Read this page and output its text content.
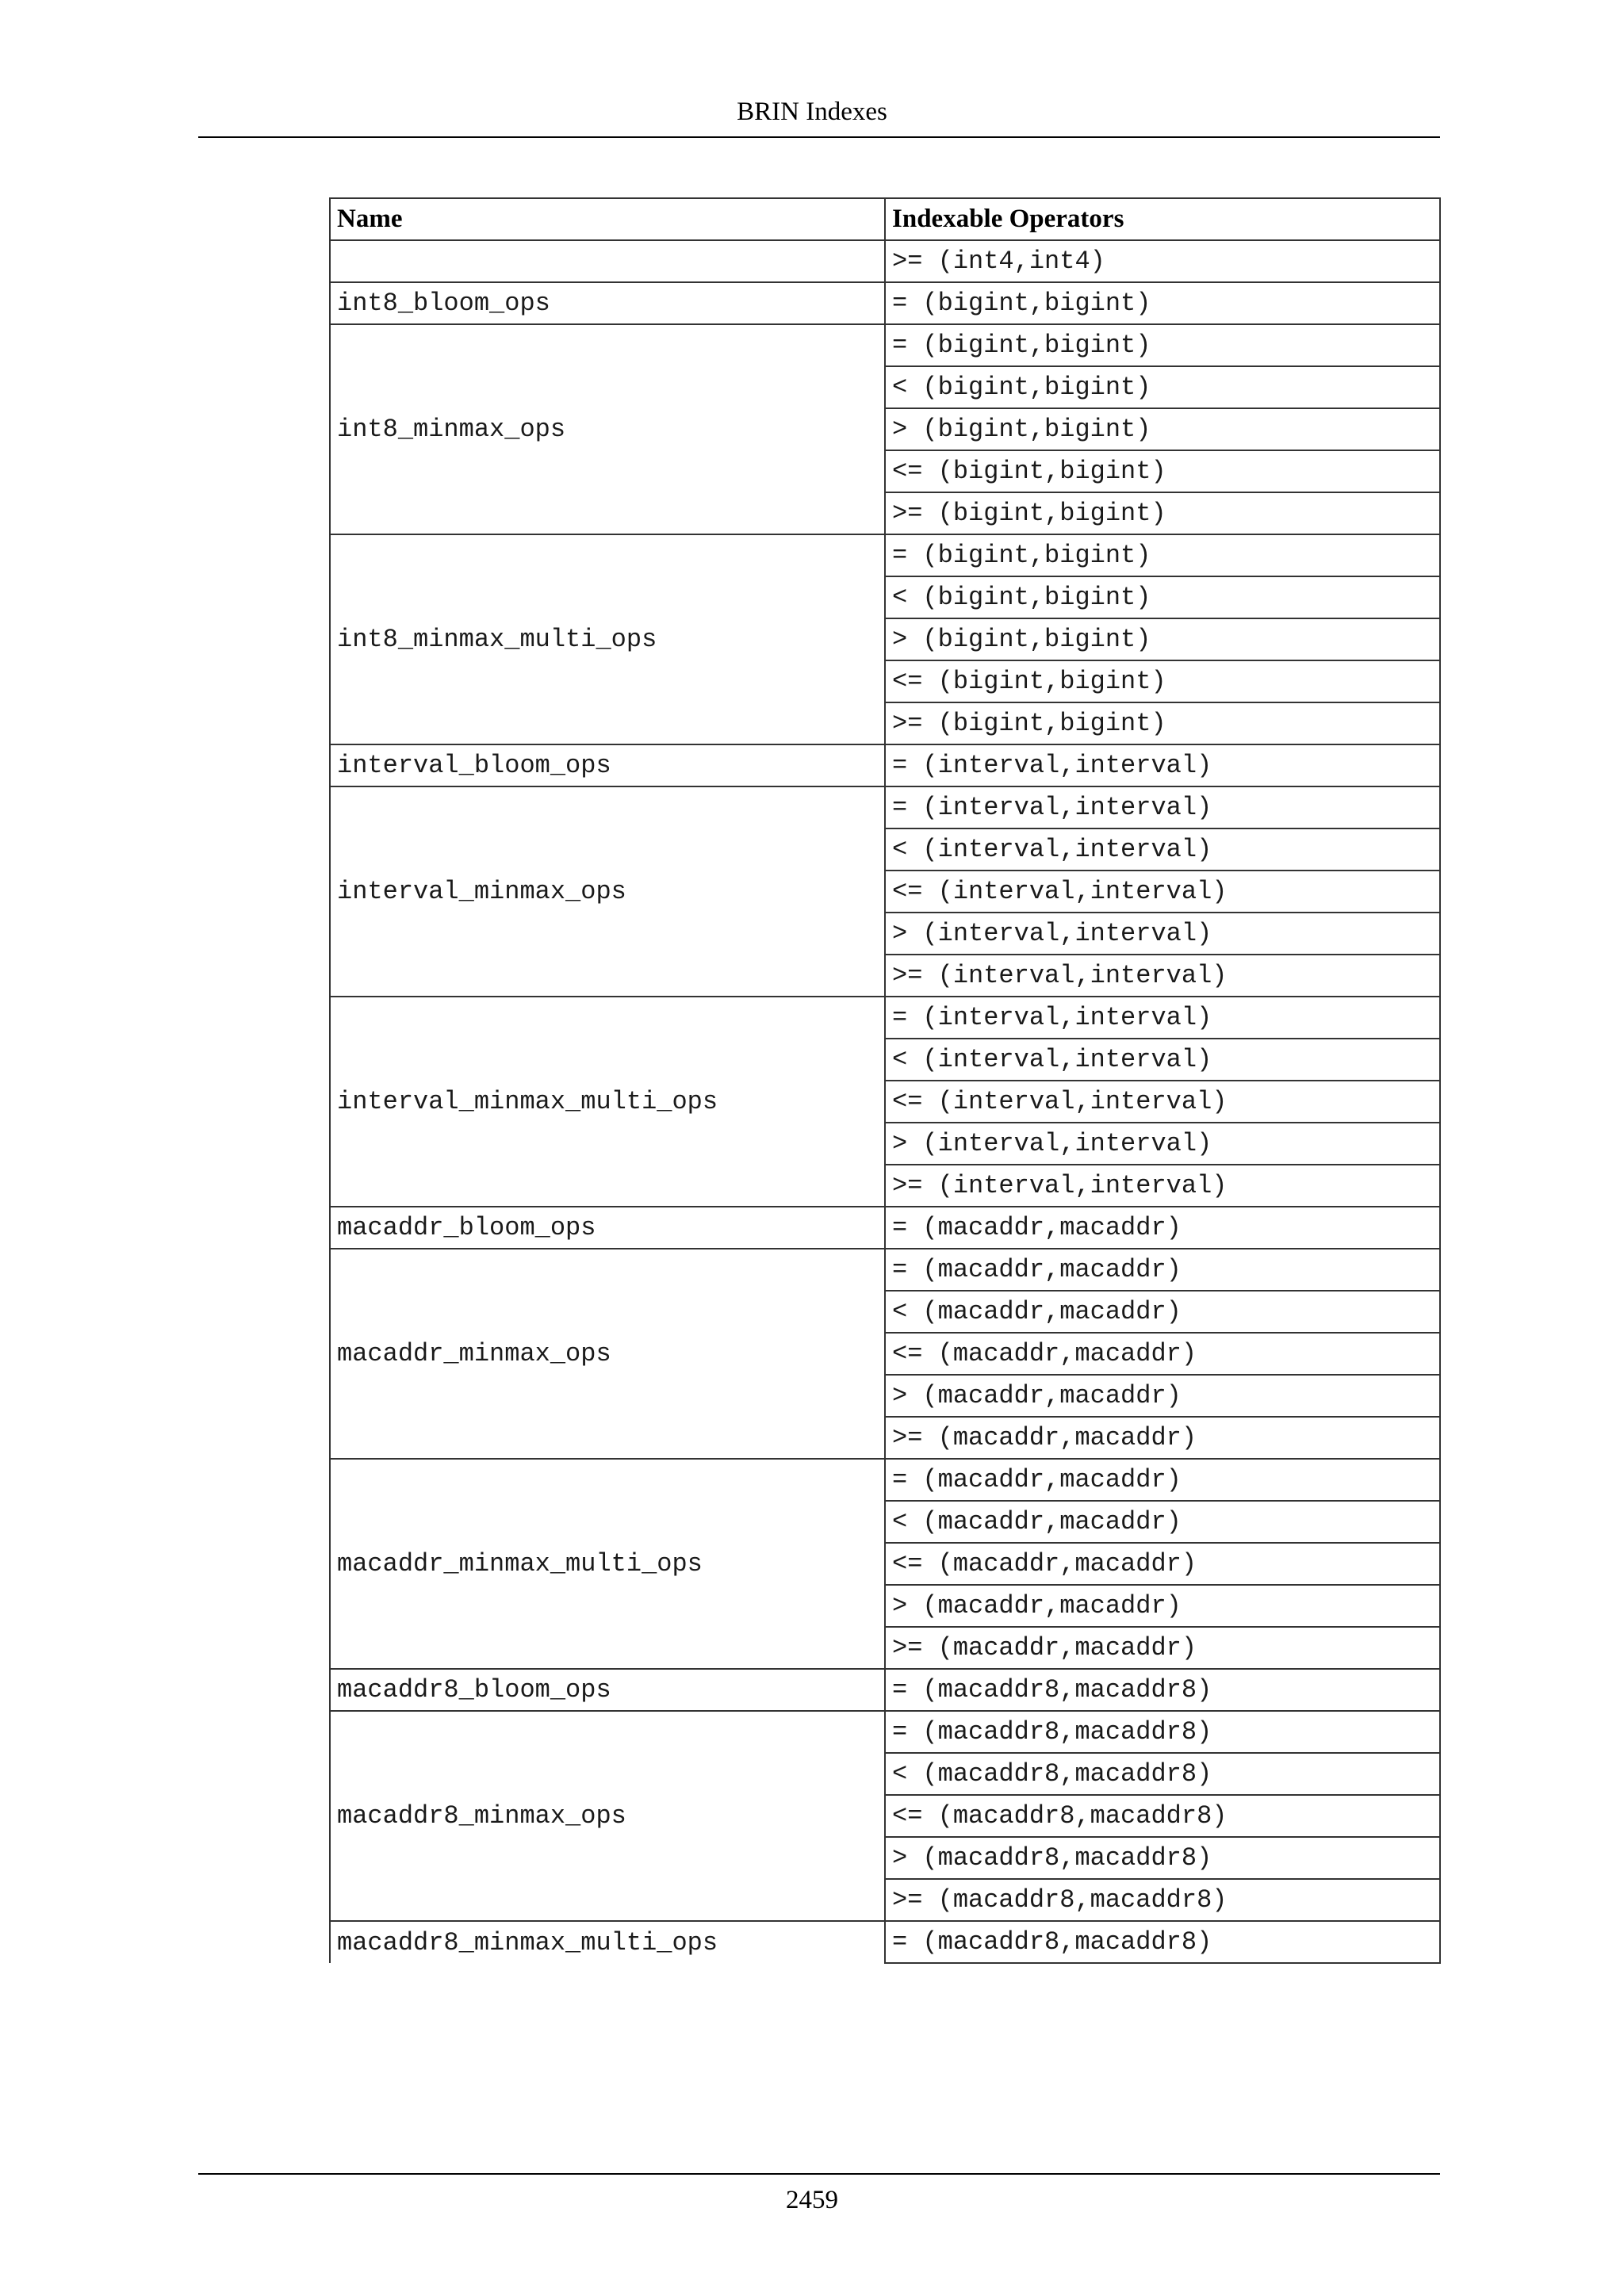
BRIN Indexes
Name	Indexable Operators
	>= (int4,int4)
int8_bloom_ops	= (bigint,bigint)
int8_minmax_ops	= (bigint,bigint)
	< (bigint,bigint)
	> (bigint,bigint)
	<= (bigint,bigint)
	>= (bigint,bigint)
int8_minmax_multi_ops	= (bigint,bigint)
	< (bigint,bigint)
	> (bigint,bigint)
	<= (bigint,bigint)
	>= (bigint,bigint)
interval_bloom_ops	= (interval,interval)
interval_minmax_ops	= (interval,interval)
	< (interval,interval)
	<= (interval,interval)
	> (interval,interval)
	>= (interval,interval)
interval_minmax_multi_ops	= (interval,interval)
	< (interval,interval)
	<= (interval,interval)
	> (interval,interval)
	>= (interval,interval)
macaddr_bloom_ops	= (macaddr,macaddr)
macaddr_minmax_ops	= (macaddr,macaddr)
	< (macaddr,macaddr)
	<= (macaddr,macaddr)
	> (macaddr,macaddr)
	>= (macaddr,macaddr)
macaddr_minmax_multi_ops	= (macaddr,macaddr)
	< (macaddr,macaddr)
	<= (macaddr,macaddr)
	> (macaddr,macaddr)
	>= (macaddr,macaddr)
macaddr8_bloom_ops	= (macaddr8,macaddr8)
macaddr8_minmax_ops	= (macaddr8,macaddr8)
	< (macaddr8,macaddr8)
	<= (macaddr8,macaddr8)
	> (macaddr8,macaddr8)
	>= (macaddr8,macaddr8)
macaddr8_minmax_multi_ops	= (macaddr8,macaddr8)
2459
